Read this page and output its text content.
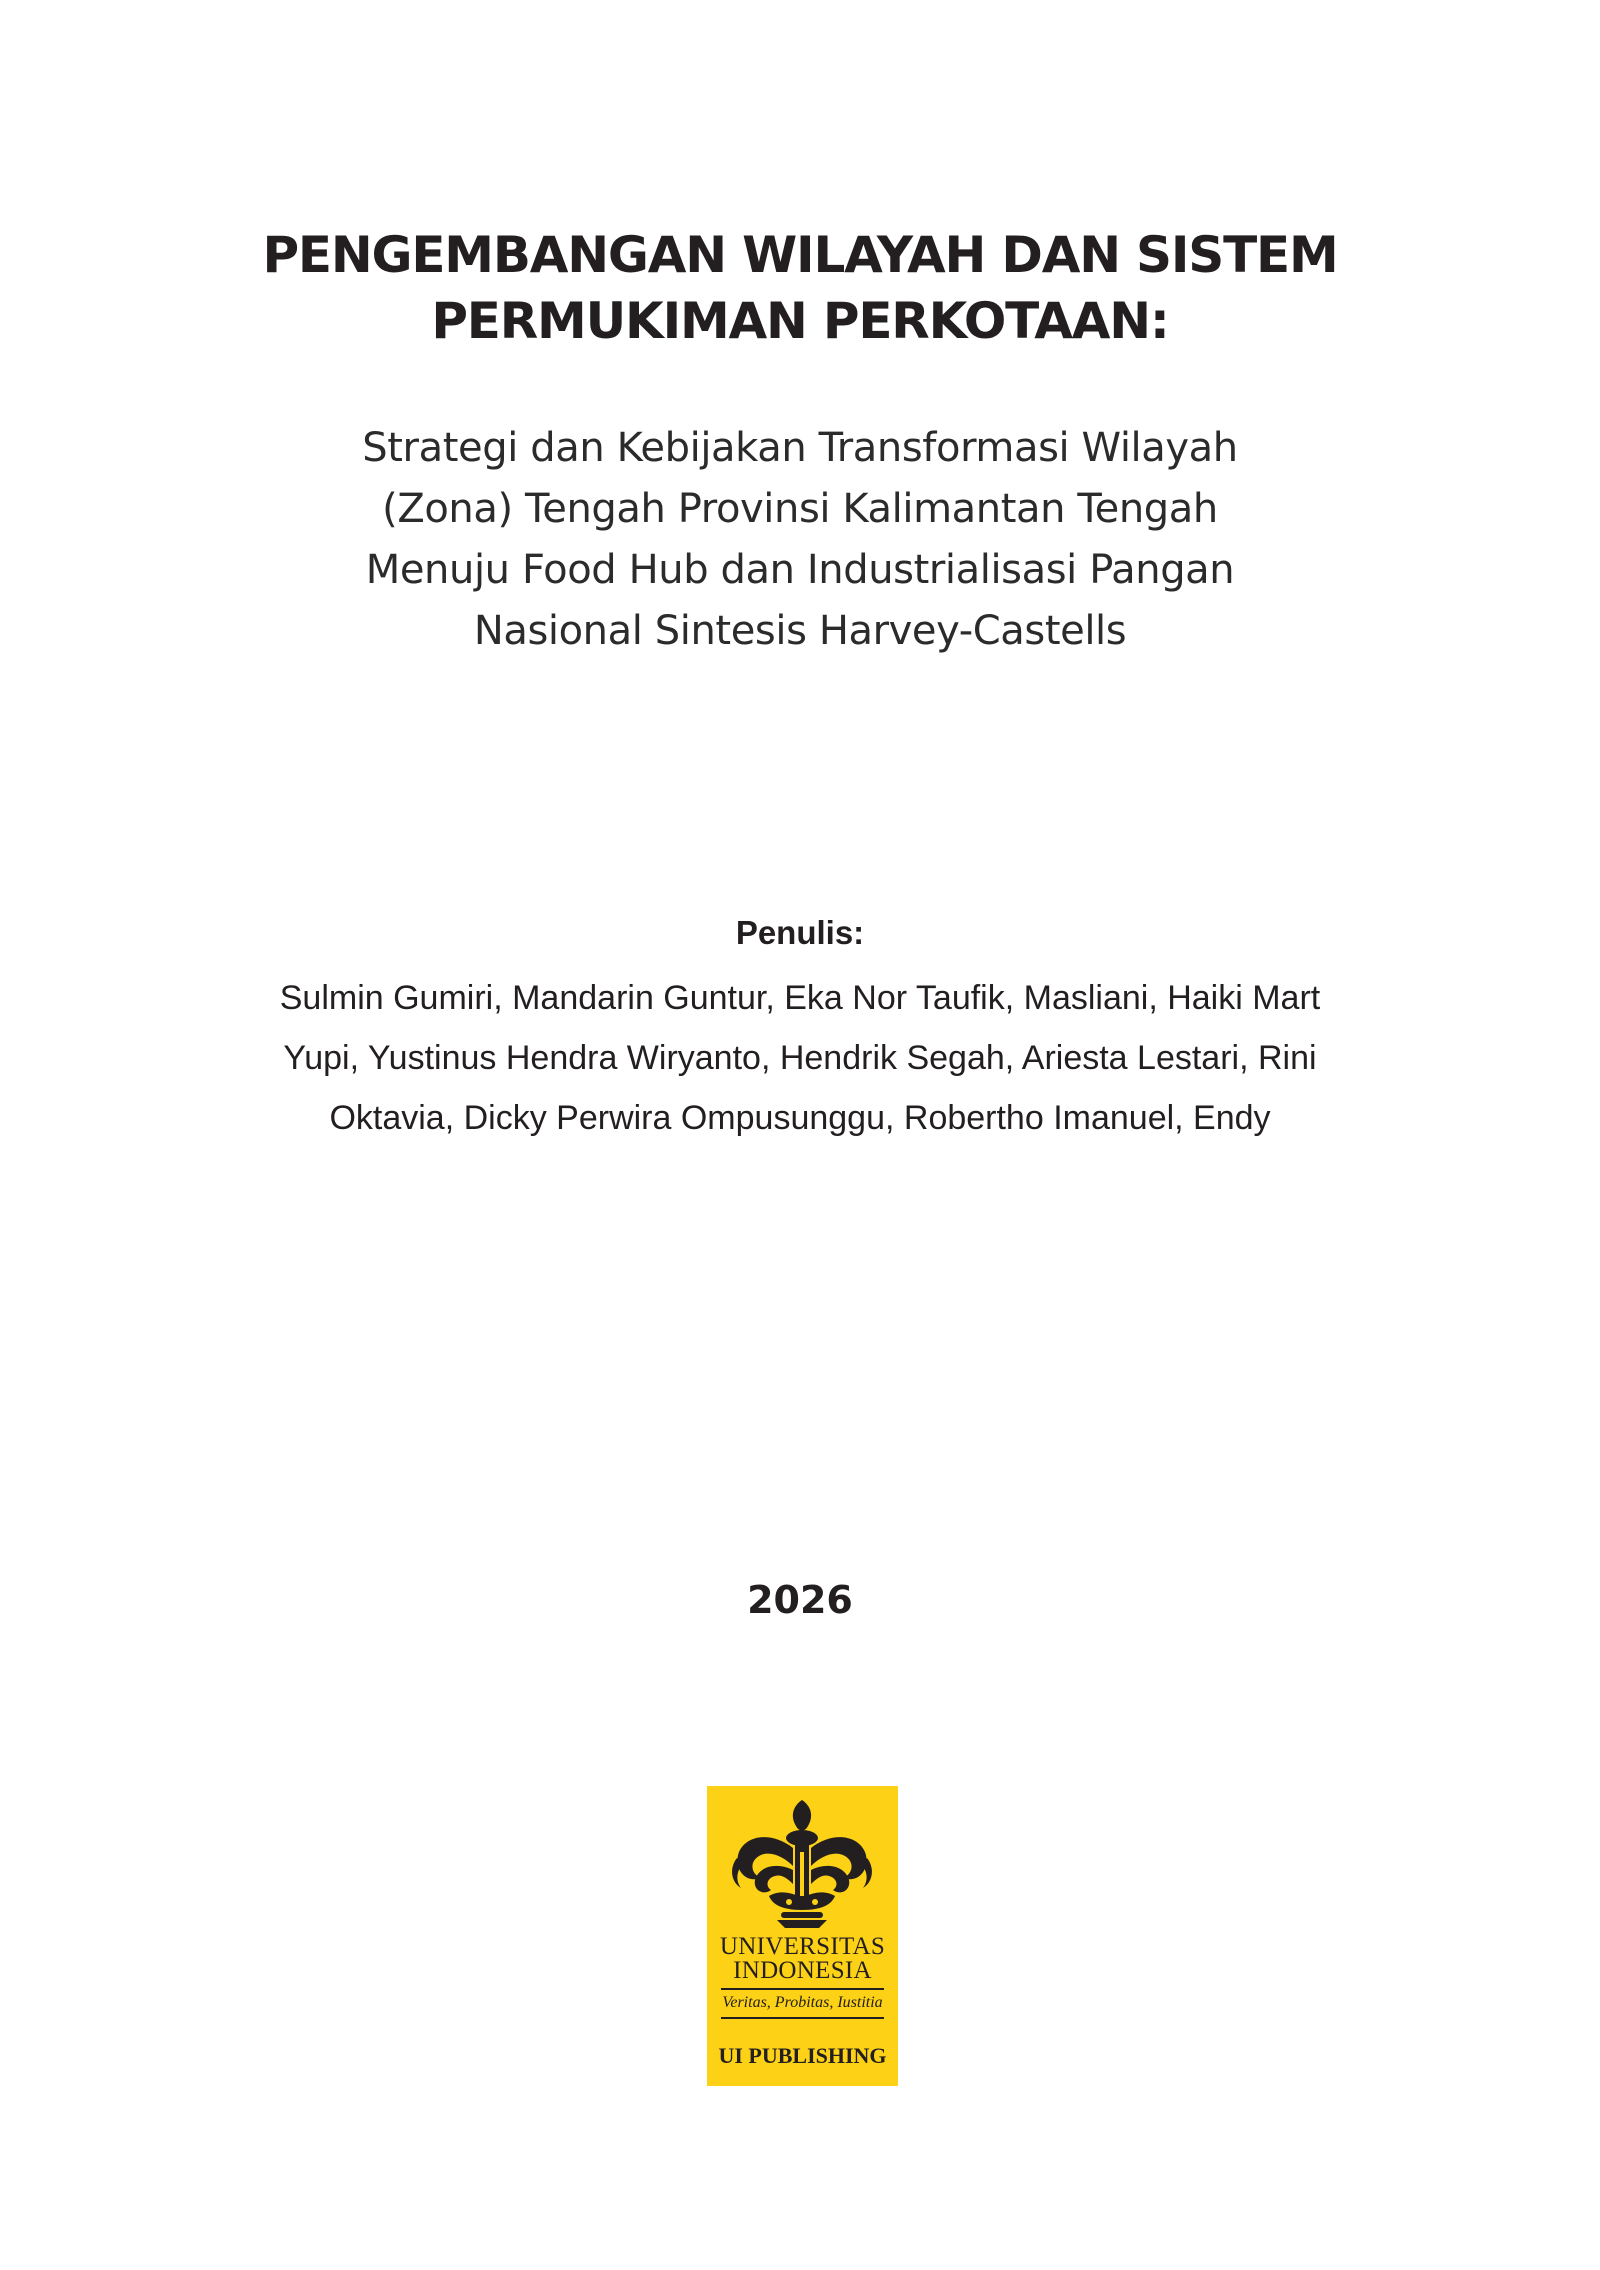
PENGEMBANGAN WILAYAH DAN SISTEM
PERMUKIMAN PERKOTAAN:
Strategi dan Kebijakan Transformasi Wilayah
(Zona) Tengah Provinsi Kalimantan Tengah
Menuju Food Hub dan Industrialisasi Pangan
Nasional Sintesis Harvey-Castells
Penulis:
Sulmin Gumiri, Mandarin Guntur, Eka Nor Taufik, Masliani, Haiki Mart
Yupi, Yustinus Hendra Wiryanto, Hendrik Segah, Ariesta Lestari, Rini
Oktavia, Dicky Perwira Ompusunggu, Robertho Imanuel, Endy
2026
UNIVERSITAS
INDONESIA
Veritas, Probitas, Iustitia
UI PUBLISHING
